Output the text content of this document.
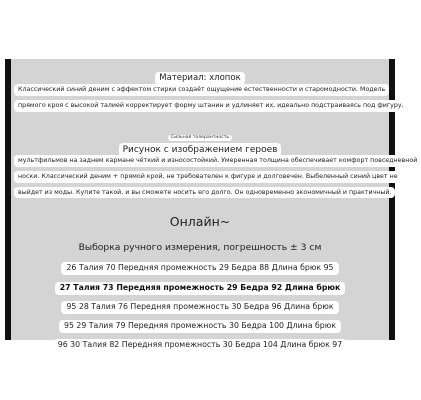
Материал: хлопок
Классический синий деним с эффектом стирки создаёт ощущение естественности и старомодности. Модель
прямого кроя с высокой талией корректирует форму штанин и удлиняет их, идеально подстраиваясь под фигуру.
Сильная толерантность
Рисунок с изображением героев
мультфильмов на заднем кармане чёткий и износостойкий. Умеренная толщина обеспечивает комфорт повседневной
носки. Классический деним + прямой крой, не требователен к фигуре и долговечен. Выбеленный синий цвет не
выйдет из моды. Купите такой, и вы сможете носить его долго. Он одновременно экономичный и практичный.
Онлайн~
Выборка ручного измерения, погрешность ± 3 см
26 Талия 70 Передняя промежность 29 Бедра 88 Длина брюк 95
27 Талия 73 Передняя промежность 29 Бедра 92 Длина брюк
95 28 Талия 76 Передняя промежность 30 Бедра 96 Длина брюк
95 29 Талия 79 Передняя промежность 30 Бедра 100 Длина брюк
96 30 Талия 82 Передняя промежность 30 Бедра 104 Длина брюк 97
